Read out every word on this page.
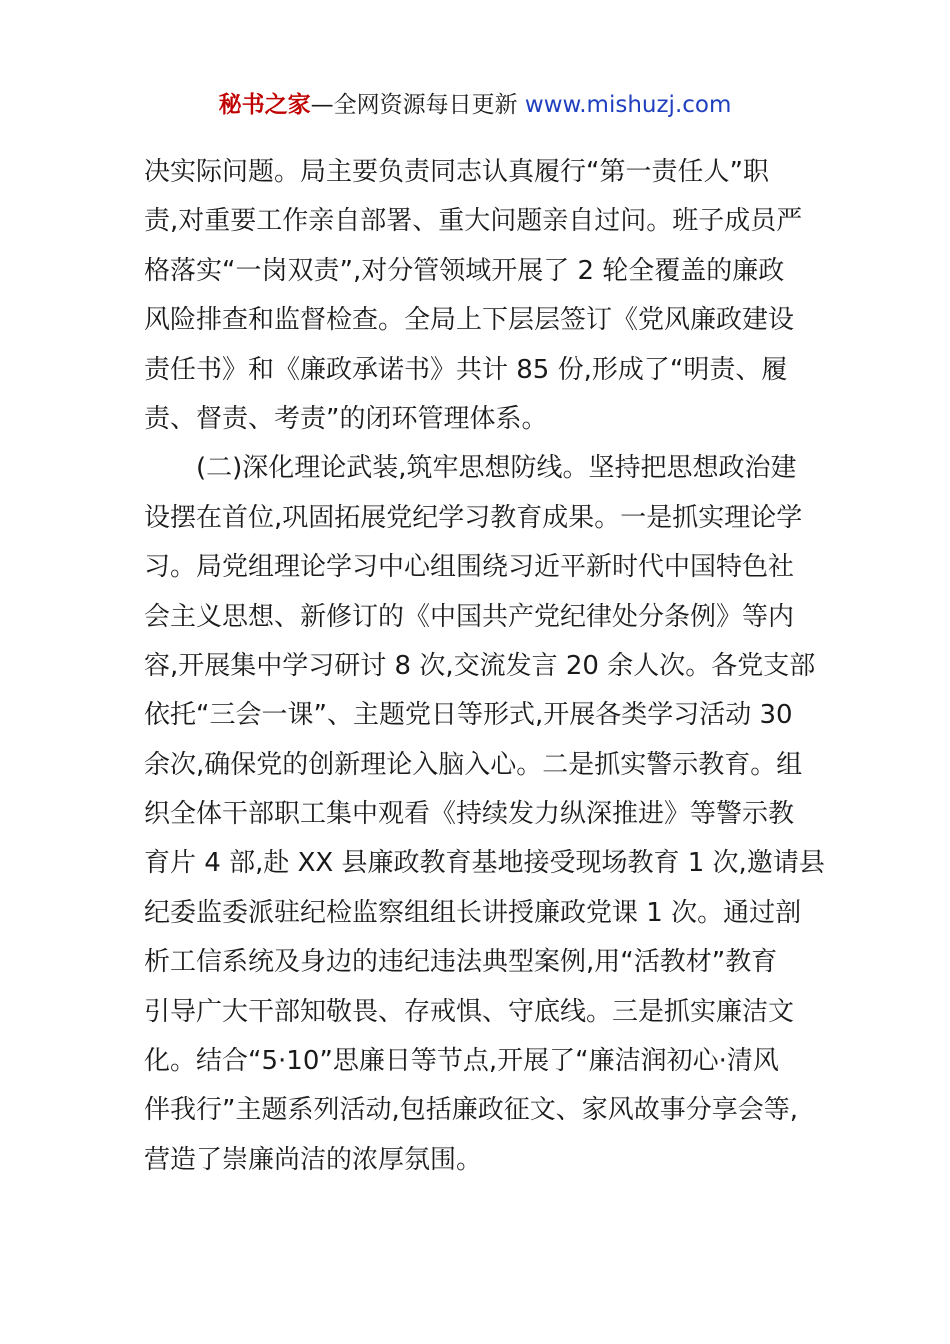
秘书之家—全网资源每日更新 www.mishuzj.com
决实际问题。局主要负责同志认真履行“第一责任人”职
责,对重要工作亲自部署、重大问题亲自过问。班子成员严
格落实“一岗双责”,对分管领域开展了 2 轮全覆盖的廉政
风险排查和监督检查。全局上下层层签订《党风廉政建设
责任书》和《廉政承诺书》共计 85 份,形成了“明责、履
责、督责、考责”的闭环管理体系。
(二)深化理论武装,筑牢思想防线。坚持把思想政治建
设摆在首位,巩固拓展党纪学习教育成果。一是抓实理论学
习。局党组理论学习中心组围绕习近平新时代中国特色社
会主义思想、新修订的《中国共产党纪律处分条例》等内
容,开展集中学习研讨 8 次,交流发言 20 余人次。各党支部
依托“三会一课”、主题党日等形式,开展各类学习活动 30
余次,确保党的创新理论入脑入心。二是抓实警示教育。组
织全体干部职工集中观看《持续发力纵深推进》等警示教
育片 4 部,赴 XX 县廉政教育基地接受现场教育 1 次,邀请县
纪委监委派驻纪检监察组组长讲授廉政党课 1 次。通过剖
析工信系统及身边的违纪违法典型案例,用“活教材”教育
引导广大干部知敬畏、存戒惧、守底线。三是抓实廉洁文
化。结合“5·10”思廉日等节点,开展了“廉洁润初心·清风
伴我行”主题系列活动,包括廉政征文、家风故事分享会等,
营造了崇廉尚洁的浓厚氛围。
